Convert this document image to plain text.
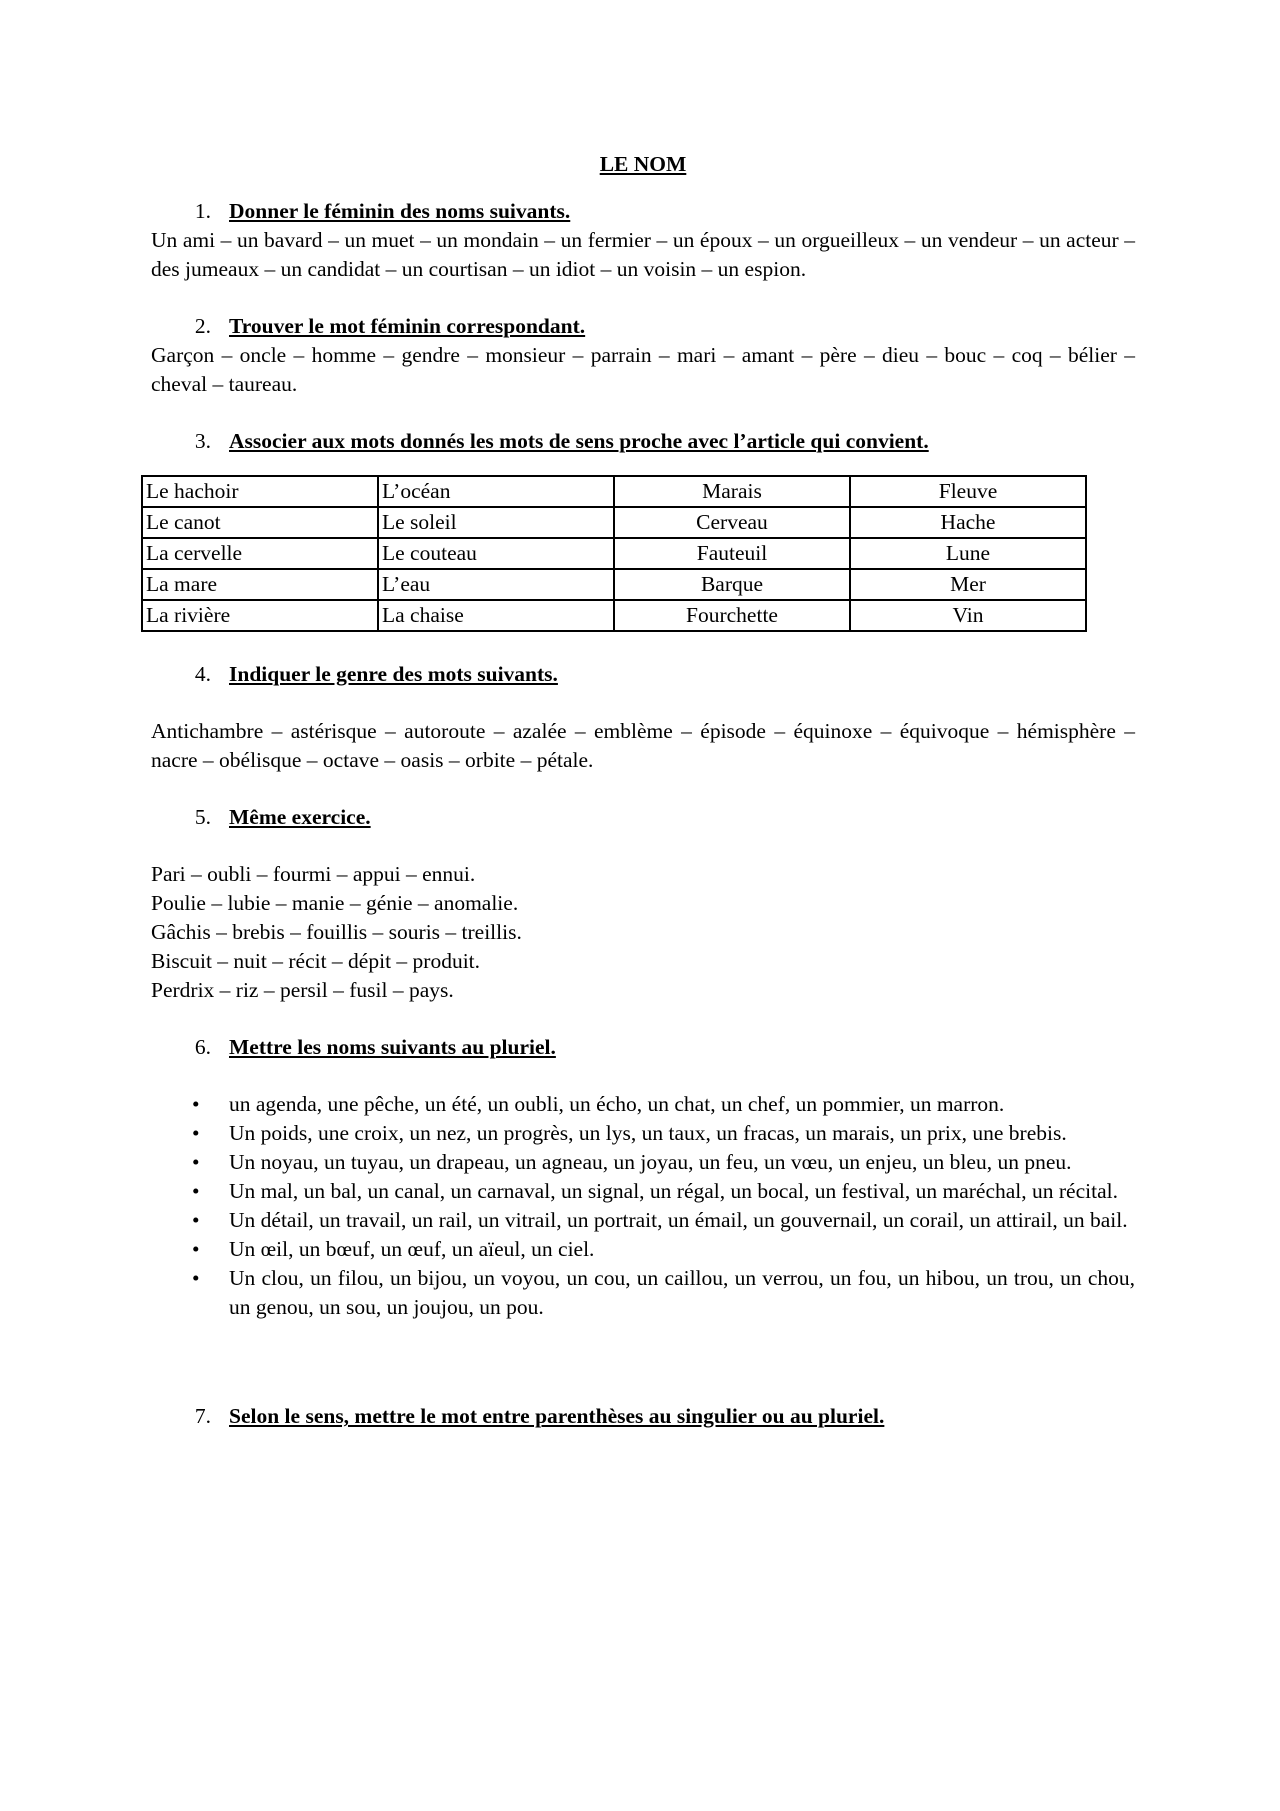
LE NOM
1. Donner le féminin des noms suivants.

Un ami – un bavard – un muet – un mondain – un fermier – un époux – un orgueilleux – un vendeur – un acteur – des jumeaux – un candidat – un courtisan – un idiot – un voisin – un espion.

2. Trouver le mot féminin correspondant.

Garçon – oncle – homme – gendre – monsieur – parrain – mari – amant – père – dieu – bouc – coq – bélier – cheval – taureau.

3. Associer aux mots donnés les mots de sens proche avec l’article qui convient.
Le hachoir	L’océan	Marais	Fleuve
Le canot	Le soleil	Cerveau	Hache
La cervelle	Le couteau	Fauteuil	Lune
La mare	L’eau	Barque	Mer
La rivière	La chaise	Fourchette	Vin
4. Indiquer le genre des mots suivants.

Antichambre – astérisque – autoroute – azalée – emblème – épisode – équinoxe – équivoque – hémisphère – nacre – obélisque – octave – oasis – orbite – pétale.

5. Même exercice.
Pari – oubli – fourmi – appui – ennui.
Poulie – lubie – manie – génie – anomalie.
Gâchis – brebis – fouillis – souris – treillis.
Biscuit – nuit – récit – dépit – produit.
Perdrix – riz – persil – fusil – pays.
6. Mettre les noms suivants au pluriel.
• un agenda, une pêche, un été, un oubli, un écho, un chat, un chef, un pommier, un marron.
• Un poids, une croix, un nez, un progrès, un lys, un taux, un fracas, un marais, un prix, une brebis.
• Un noyau, un tuyau, un drapeau, un agneau, un joyau, un feu, un vœu, un enjeu, un bleu, un pneu.
• Un mal, un bal, un canal, un carnaval, un signal, un régal, un bocal, un festival, un maréchal, un récital.
• Un détail, un travail, un rail, un vitrail, un portrait, un émail, un gouvernail, un corail, un attirail, un bail.
• Un œil, un bœuf, un œuf, un aïeul, un ciel.
• Un clou, un filou, un bijou, un voyou, un cou, un caillou, un verrou, un fou, un hibou, un trou, un chou, un genou, un sou, un joujou, un pou.
7. Selon le sens, mettre le mot entre parenthèses au singulier ou au pluriel.
